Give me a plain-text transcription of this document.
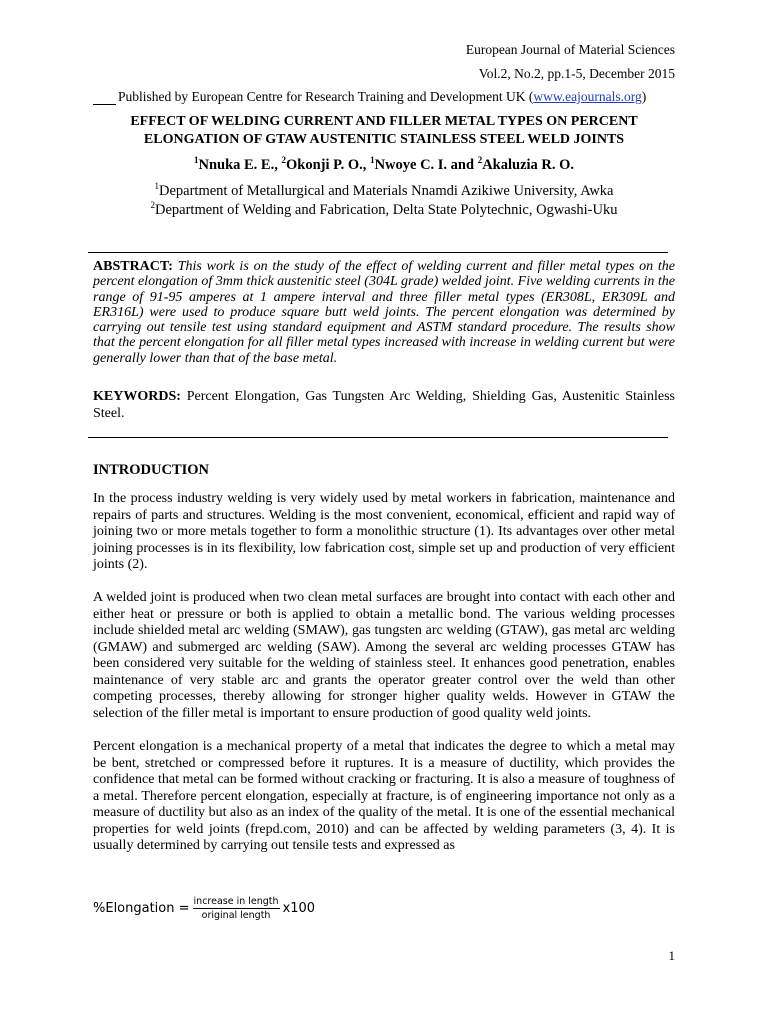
European Journal of Material Sciences
Vol.2, No.2, pp.1-5, December 2015
Published by European Centre for Research Training and Development UK (www.eajournals.org)
EFFECT OF WELDING CURRENT AND FILLER METAL TYPES ON PERCENT
ELONGATION OF GTAW AUSTENITIC STAINLESS STEEL WELD JOINTS
$^1$Nnuka E. E., $^2$Okonji P. O., $^1$Nwoye C. I. and $^2$Akaluzia R. O.
$^1$Department of Metallurgical and Materials Nnamdi Azikiwe University, Awka
$^2$Department of Welding and Fabrication, Delta State Polytechnic, Ogwashi-Uku
ABSTRACT: This work is on the study of the effect of welding current and filler metal types on the percent elongation of 3mm thick austenitic steel (304L grade) welded joint. Five welding currents in the range of 91-95 amperes at 1 ampere interval and three filler metal types (ER308L, ER309L and ER316L) were used to produce square butt weld joints. The percent elongation was determined by carrying out tensile test using standard equipment and ASTM standard procedure. The results show that the percent elongation for all filler metal types increased with increase in welding current but were generally lower than that of the base metal.
KEYWORDS: Percent Elongation, Gas Tungsten Arc Welding, Shielding Gas, Austenitic Stainless Steel.
INTRODUCTION

In the process industry welding is very widely used by metal workers in fabrication, maintenance and repairs of parts and structures. Welding is the most convenient, economical, efficient and rapid way of joining two or more metals together to form a monolithic structure (1). Its advantages over other metal joining processes is in its flexibility, low fabrication cost, simple set up and production of very efficient joints (2).

A welded joint is produced when two clean metal surfaces are brought into contact with each other and either heat or pressure or both is applied to obtain a metallic bond. The various welding processes include shielded metal arc welding (SMAW), gas tungsten arc welding (GTAW), gas metal arc welding (GMAW) and submerged arc welding (SAW). Among the several arc welding processes GTAW has been considered very suitable for the welding of stainless steel. It enhances good penetration, enables maintenance of very stable arc and grants the operator greater control over the weld than other competing processes, thereby allowing for stronger higher quality welds. However in GTAW the selection of the filler metal is important to ensure production of good quality weld joints.

Percent elongation is a mechanical property of a metal that indicates the degree to which a metal may be bent, stretched or compressed before it ruptures. It is a measure of ductility, which provides the confidence that metal can be formed without cracking or fracturing. It is also a measure of toughness of a metal. Therefore percent elongation, especially at fracture, is of engineering importance not only as a measure of ductility but also as an index of the quality of the metal. It is one of the essential mechanical properties for weld joints (frepd.com, 2010) and can be affected by welding parameters (3, 4). It is usually determined by carrying out tensile tests and expressed as

%Elongation = $\frac{\text{increase in length}}{\text{original length}} x100$
1
